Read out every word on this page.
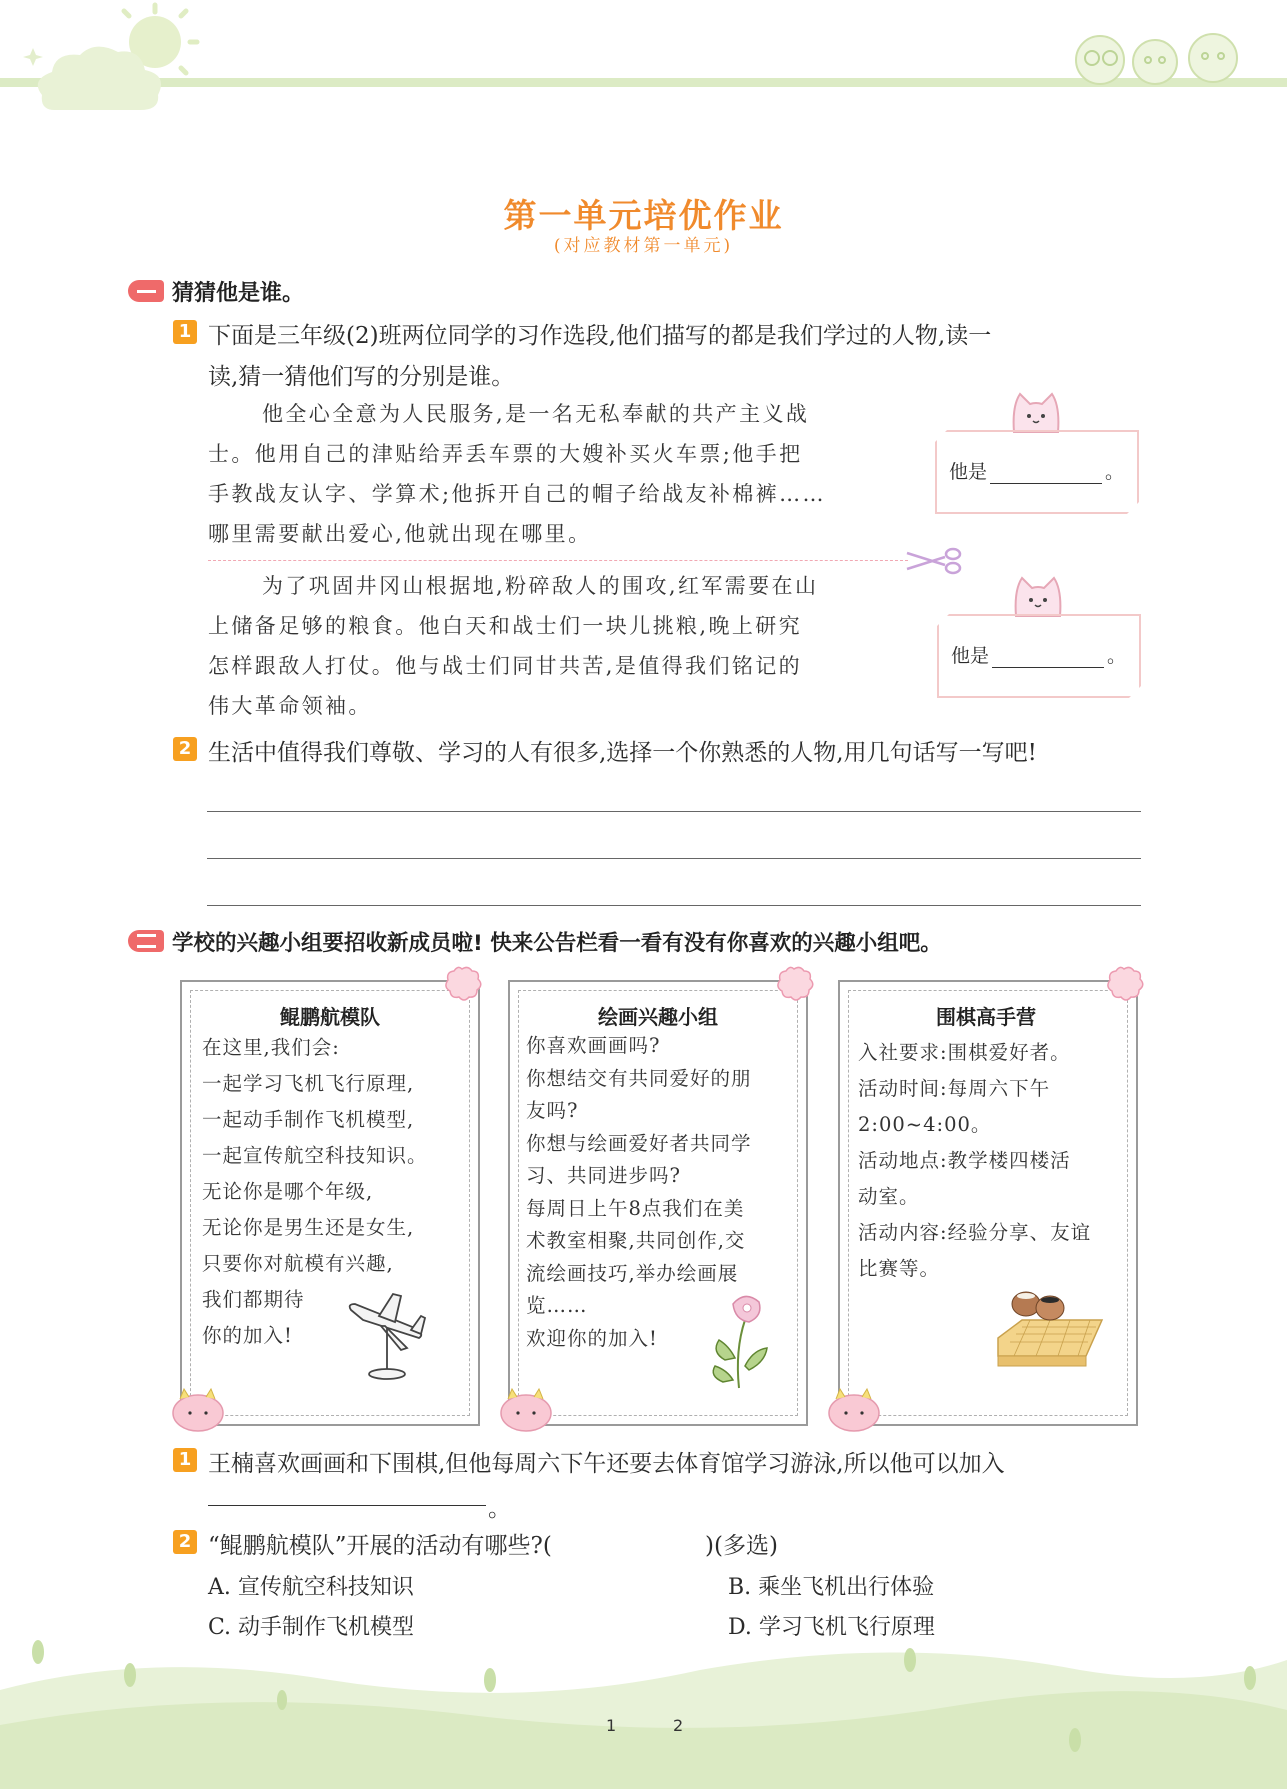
第一单元培优作业
(对应教材第一单元)
猜猜他是谁。
1 下面是三年级(2)班两位同学的习作选段,他们描写的都是我们学过的人物,读一
读,猜一猜他们写的分别是谁。
他全心全意为人民服务,是一名无私奉献的共产主义战
士。他用自己的津贴给弄丢车票的大嫂补买火车票;他手把
手教战友认字、学算术;他拆开自己的帽子给战友补棉裤……
哪里需要献出爱心,他就出现在哪里。
为了巩固井冈山根据地,粉碎敌人的围攻,红军需要在山
上储备足够的粮食。他白天和战士们一块儿挑粮,晚上研究
怎样跟敌人打仗。他与战士们同甘共苦,是值得我们铭记的
伟大革命领袖。
他是	。
他是	。
2 生活中值得我们尊敬、学习的人有很多,选择一个你熟悉的人物,用几句话写一写吧!
学校的兴趣小组要招收新成员啦! 快来公告栏看一看有没有你喜欢的兴趣小组吧。
鲲鹏航模队
在这里,我们会:
一起学习飞机飞行原理,
一起动手制作飞机模型,
一起宣传航空科技知识。
无论你是哪个年级,
无论你是男生还是女生,
只要你对航模有兴趣,
我们都期待
你的加入!
绘画兴趣小组
你喜欢画画吗?
你想结交有共同爱好的朋
友吗?
你想与绘画爱好者共同学
习、共同进步吗?
每周日上午8点我们在美
术教室相聚,共同创作,交
流绘画技巧,举办绘画展
览……
欢迎你的加入!
围棋高手营
入社要求:围棋爱好者。
活动时间:每周六下午
2:00~4:00。
活动地点:教学楼四楼活
动室。
活动内容:经验分享、友谊
比赛等。
1 王楠喜欢画画和下围棋,但他每周六下午还要去体育馆学习游泳,所以他可以加入
。
2 “鲲鹏航模队”开展的活动有哪些?(	)(多选)
A. 宣传航空科技知识	B. 乘坐飞机出行体验
C. 动手制作飞机模型	D. 学习飞机飞行原理
1	2
